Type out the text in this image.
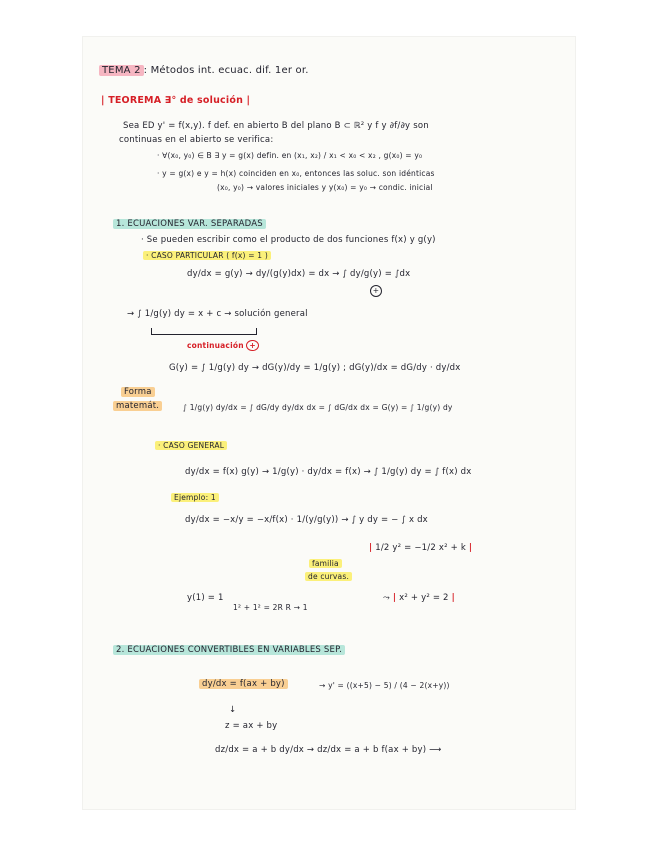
TEMA 2 : Métodos int. ecuac. dif. 1er or.
| TEOREMA ∃° de solución |
Sea ED y' = f(x,y). f def. en abierto B del plano B ⊂ ℝ² y f y ∂f/∂y son
continuas en el abierto se verifica:
· ∀(x₀, y₀) ∈ B ∃ y = g(x) defin. en (x₁, x₂) / x₁ < x₀ < x₂ , g(x₀) = y₀
· y = g(x) e y = h(x) coinciden en x₀, entonces las soluc. son idénticas
(x₀, y₀) → valores iniciales y y(x₀) = y₀ → condic. inicial
1. ECUACIONES VAR. SEPARADAS
· Se pueden escribir como el producto de dos funciones f(x) y g(y)
· CASO PARTICULAR ( f(x) = 1 )
dy/dx = g(y) → dy/(g(y)dx) = dx → ∫ dy/g(y) = ∫dx
+
→ ∫ 1/g(y) dy = x + c → solución general
continuación +
G(y) = ∫ 1/g(y) dy → dG(y)/dy = 1/g(y) ; dG(y)/dx = dG/dy · dy/dx
Forma
matemát.	∫ 1/g(y) dy/dx = ∫ dG/dy dy/dx dx = ∫ dG/dx dx = G(y) = ∫ 1/g(y) dy
· CASO GENERAL
dy/dx = f(x) g(y) → 1/g(y) · dy/dx = f(x) → ∫ 1/g(y) dy = ∫ f(x) dx
Ejemplo: 1
dy/dx = −x/y = −x/f(x) · 1/(y/g(y)) → ∫ y dy = − ∫ x dx
| 1/2 y² = −1/2 x² + k |
familia
de curvas.
y(1) = 1
1² + 1² = 2R R → 1
⤳ | x² + y² = 2 |
2. ECUACIONES CONVERTIBLES EN VARIABLES SEP.
dy/dx = f(ax + by)	→ y' = ((x+5) − 5) / (4 − 2(x+y))
↓
z = ax + by
dz/dx = a + b dy/dx → dz/dx = a + b f(ax + by) ⟶
